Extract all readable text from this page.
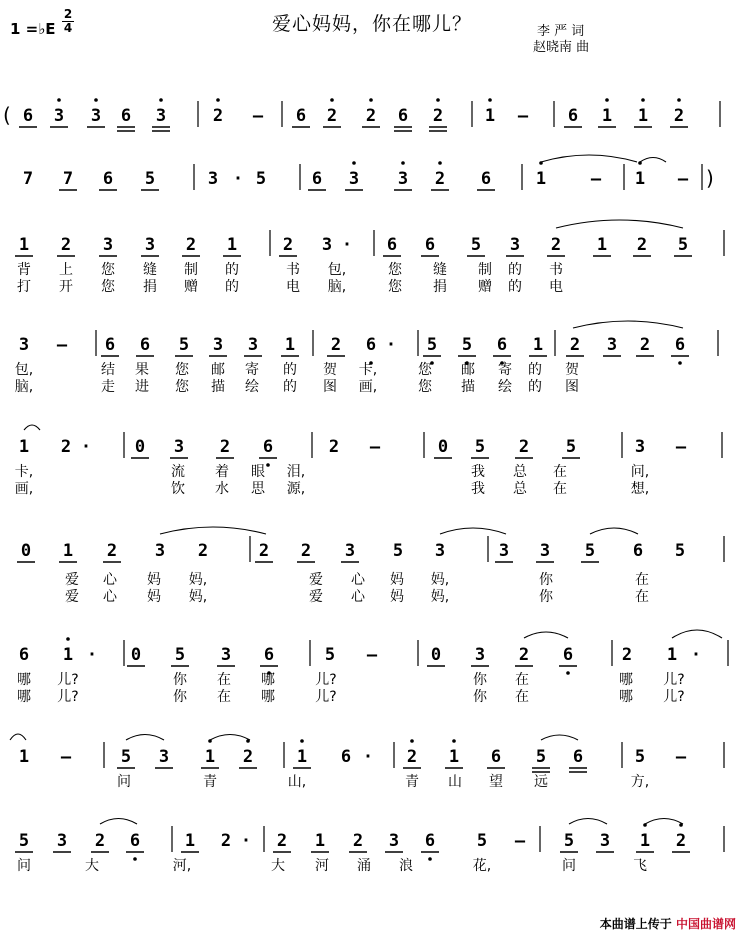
1 =♭E
2
4	爱心妈妈，你在哪儿？	李 严 词
赵晓南 曲
( 6 3 3 6 3	2 – 6 2 2 6 2 1 – 6 1 1 2
7 7 6 5	3 · 5	6 3 3 2 6	1	– 1 – )
1 2 3 3 2 1	2 3 · 6 6 5 3 2 1 2 5
背 上 您 缝 制 的	书 包,	您 缝 制 的 书
打 开 您 捐 赠 的	电 脑,	您 捐 赠 的 电
3 – 6 6 5 3 3 1 2 6 · 5 5 6 1 2 3 2 6
包,	结 果 您 邮 寄 的 贺 卡,	您 邮 寄 的 贺
脑,	走 进 您 描 绘 的 图 画,	您 描 绘 的 图
1 2 ·	0 3 2 6	2 –	0 5 2 5	3 –
卡,	流 着 眼 泪,	我 总 在	问,
画,	饮 水 思 源,	我 总 在	想,
0 1 2 3 2	2 2 3 5 3	3 3 5 6 5
爱 心 妈 妈,	爱 心 妈 妈,	你	在
爱 心 妈 妈,	爱 心 妈 妈,	你	在
6 1 · 0 5 3 6	5 –	0 3 2 6	2 1 ·
哪 儿?	你 在 哪	儿?	你 在	哪 儿?
哪 儿?	你 在 哪	儿?	你 在	哪 儿?
1 –	5 3 1 2	1 6 · 2 1 6 5 6	5 –
问	青	山,	青 山 望 远	方,
5 3 2 6	1 2 · 2 1 2 3 6 5 – 5 3 1 2
问	大	河,	大 河 涌 浪	花,	问	飞
本曲谱上传于 中国曲谱网
